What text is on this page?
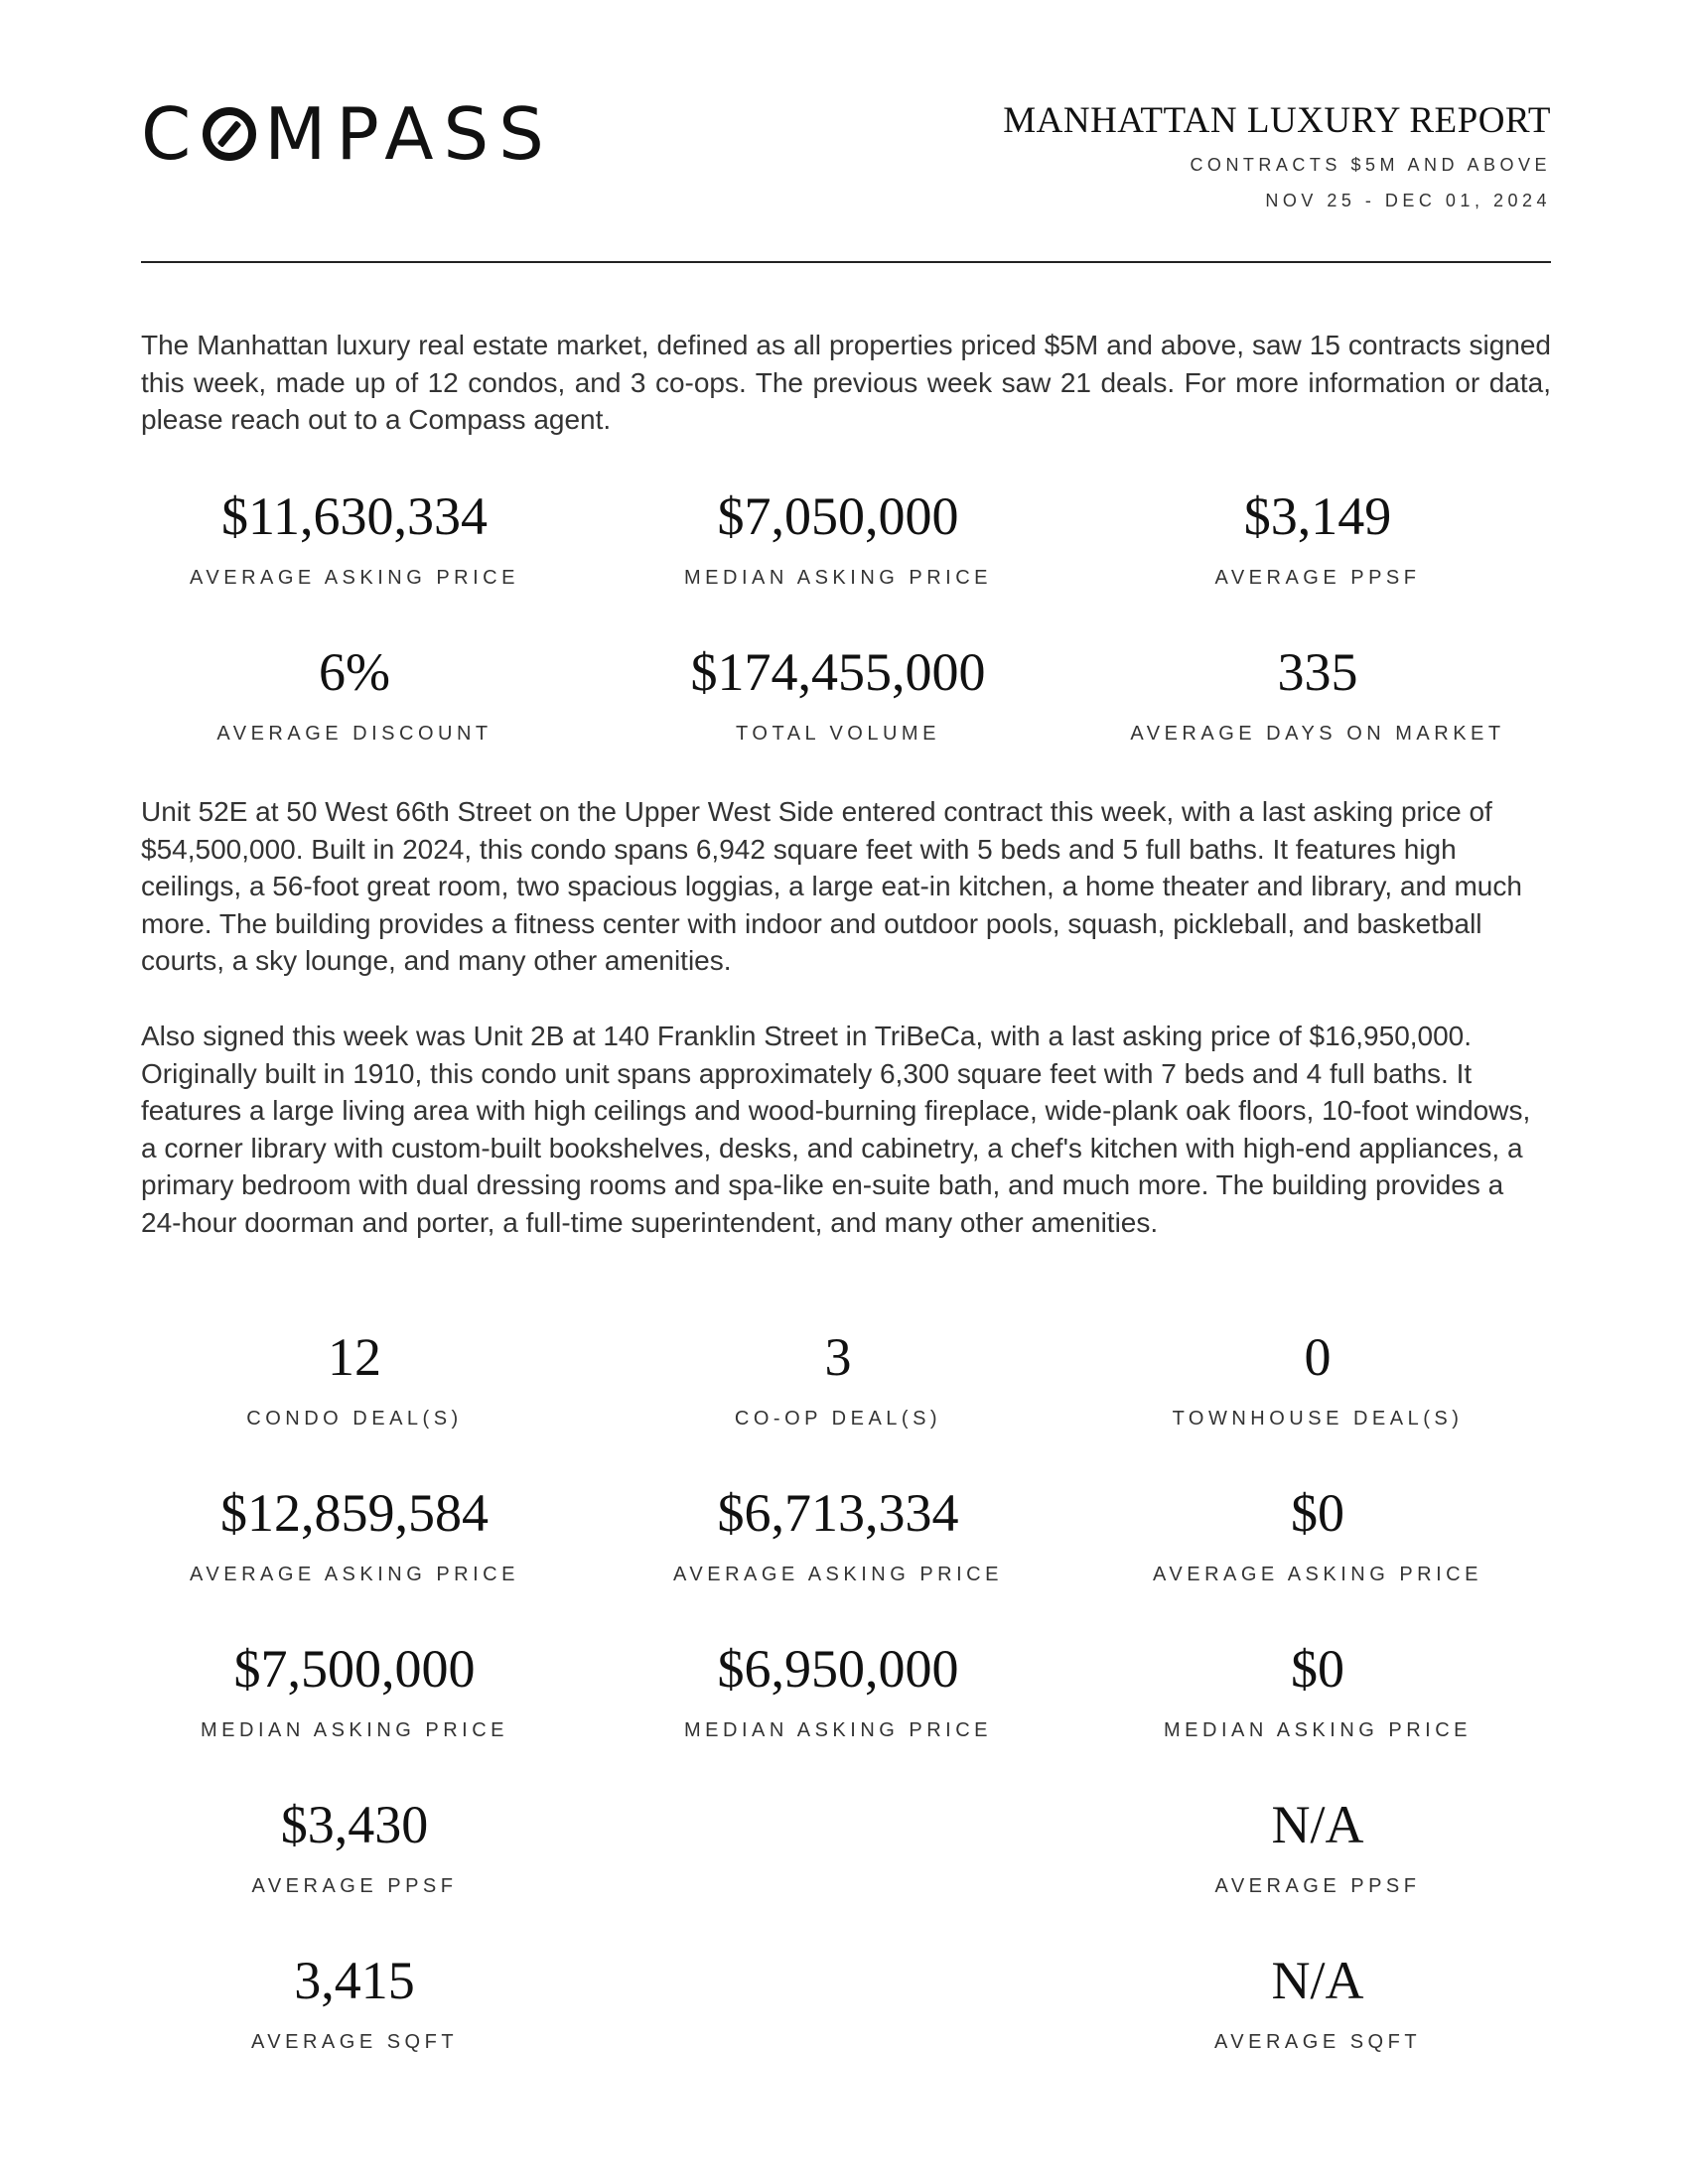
C MPASS	MANHATTAN LUXURY REPORT
CONTRACTS $5M AND ABOVE
NOV 25 - DEC 01, 2024
The Manhattan luxury real estate market, defined as all properties priced $5M and above, saw 15 contracts signed this week, made up of 12 condos, and 3 co-ops. The previous week saw 21 deals. For more information or data, please reach out to a Compass agent.
$11,630,334
AVERAGE ASKING PRICE
$7,050,000
MEDIAN ASKING PRICE
$3,149
AVERAGE PPSF
6%
AVERAGE DISCOUNT
$174,455,000
TOTAL VOLUME
335
AVERAGE DAYS ON MARKET
Unit 52E at 50 West 66th Street on the Upper West Side entered contract this week, with a last asking price of $54,500,000. Built in 2024, this condo spans 6,942 square feet with 5 beds and 5 full baths. It features high ceilings, a 56-foot great room, two spacious loggias, a large eat-in kitchen, a home theater and library, and much more. The building provides a fitness center with indoor and outdoor pools, squash, pickleball, and basketball courts, a sky lounge, and many other amenities.
Also signed this week was Unit 2B at 140 Franklin Street in TriBeCa, with a last asking price of $16,950,000. Originally built in 1910, this condo unit spans approximately 6,300 square feet with 7 beds and 4 full baths. It features a large living area with high ceilings and wood-burning fireplace, wide-plank oak floors, 10-foot windows, a corner library with custom-built bookshelves, desks, and cabinetry, a chef's kitchen with high-end appliances, a primary bedroom with dual dressing rooms and spa-like en-suite bath, and much more. The building provides a 24-hour doorman and porter, a full-time superintendent, and many other amenities.
12
CONDO DEAL(S)
3
CO-OP DEAL(S)
0
TOWNHOUSE DEAL(S)
$12,859,584
AVERAGE ASKING PRICE
$6,713,334
AVERAGE ASKING PRICE
$0
AVERAGE ASKING PRICE
$7,500,000
MEDIAN ASKING PRICE
$6,950,000
MEDIAN ASKING PRICE
$0
MEDIAN ASKING PRICE
$3,430
AVERAGE PPSF
N/A
AVERAGE PPSF
3,415
AVERAGE SQFT
N/A
AVERAGE SQFT
